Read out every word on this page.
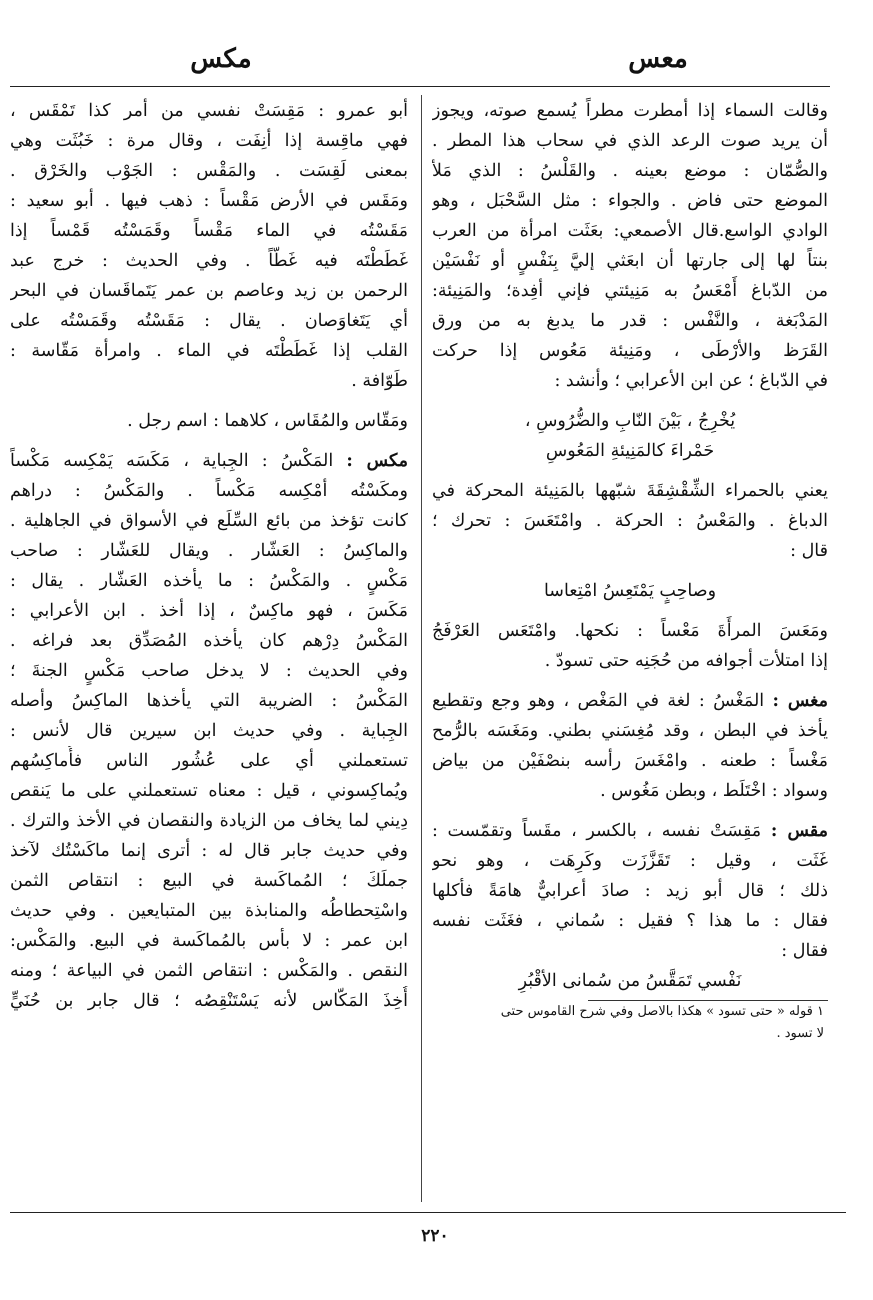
معس
مكس
وقالت السماء إذا أمطرت مطراً يُسمع صوته، ويجوز
أن يريد صوت الرعد الذي في سحاب هذا المطر .
والصُّمّان : موضع بعينه . والقَلْسُ : الذي مَلأ
الموضع حتى فاض . والجواء : مثل السَّحْبَل ، وهو
الوادي الواسع.قال الأصمعي: بعَثَت امرأة من العرب
بنتاً لها إلى جارتها أن ابعَثي إليَّ بِنَفْسٍ أو نَفْسَيْن
من الدّباغ أَمْعَسُ به مَنِيئتي فإني أفِدة؛ والمَنِيئة:
المَدْبَغة ، والنَّفْس : قدر ما يدبغ به من ورق
القَرَظ والأرْطَى ، ومَنِيئة مَعُوس إذا حركت
في الدّباغ ؛ عن ابن الأعرابي ؛ وأنشد :
يُخْرِجُ ، بَيْنَ النّابِ والضُّرُوسِ ،
حَمْراءَ كالمَنِيئةِ المَعُوسِ
يعني بالحمراء الشِّقْشِقَةَ شبّهها بالمَنِيئة المحركة في
الدباغ . والمَعْسُ : الحركة . وامْتَعَسَ : تحرك ؛
قال :
وصاحِبٍ يَمْتَعِسُ امْتِعاسا
ومَعَسَ المرأَةَ مَعْساً : نكحها. وامْتَعَس العَرْفَجُ
إذا امتلأت أجوافه من حُجَنِه حتى تسودّ .
مغس : المَغْسُ : لغة في المَغْص ، وهو وجع وتقطيع
يأخذ في البطن ، وقد مُغِسَني بطني. ومَغَسَه بالرُّمح
مَغْساً : طعنه . وامْغَسَ رأسه بنصْفَيْن من بياض
وسواد : اخْتَلَط ، وبطن مَغُوس .
مقس : مَقِسَتْ نفسه ، بالكسر ، مقَساً وتقمّست :
غَثَت ، وقيل : تَقَزَّزَت وكَرِهَت ، وهو نحو
ذلك ؛ قال أبو زيد : صادَ أعرابيٌّ هامَةً فأكلها
فقال : ما هذا ؟ فقيل : سُماني ، فغَثَت نفسه
فقال :
نَفْسي تَمَقَّسُ من سُمانى الأقْبُرِ
١ قوله « حتى تسود » هكذا بالاصل وفي شرح القاموس حتى
لا تسود .
أبو عمرو : مَقِسَتْ نفسي من أمر كذا تَمْقَس ،
فهي ماقِسة إذا أنِفَت ، وقال مرة : خَبُثَت وهي
بمعنى لَقِسَت . والمَقْس : الجَوْب والخَرْق .
ومَقَس في الأرض مَقْساً : ذهب فيها . أبو سعيد :
مَقَسْتُه في الماء مَقْساً وقَمَسْتُه قَمْساً إذا
غَطَطْتَه فيه غَطّاً . وفي الحديث : خرج عبد
الرحمن بن زيد وعاصم بن عمر يَتَماقَسان في البحر
أي يَتَغاوَصان . يقال : مَقَسْتُه وقَمَسْتُه على
القلب إذا غَطَطْتَه في الماء . وامرأة مَقّاسة :
طَوّافة .
ومَقّاس والمُقَاس ، كلاهما : اسم رجل .
مكس : المَكْسُ : الجِباية ، مَكَسَه يَمْكِسه مَكْساً
ومكَسْتُه أمْكِسه مَكْساً . والمَكْسُ : دراهم
كانت تؤخذ من بائع السِّلَع في الأسواق في الجاهلية .
والماكِسُ : العَشّار . ويقال للعَشّار : صاحب
مَكْسٍ . والمَكْسُ : ما يأخذه العَشّار . يقال :
مَكَسَ ، فهو ماكِسٌ ، إذا أخذ . ابن الأعرابي :
المَكْسُ دِرْهم كان يأخذه المُصَدِّق بعد فراغه .
وفي الحديث : لا يدخل صاحب مَكْسٍ الجنةَ ؛
المَكْسُ : الضريبة التي يأخذها الماكِسُ وأصله
الجِباية . وفي حديث ابن سيرين قال لأنس :
تستعملني أي على عُشُور الناس فأُماكِسُهم
ويُماكِسوني ، قيل : معناه تستعملني على ما يَنقص
دِيني لما يخاف من الزيادة والنقصان في الأخذ والترك .
وفي حديث جابر قال له : أترى إنما ماكَسْتُك لآخذ
جملَكَ ؛ المُماكَسة في البيع : انتقاص الثمن
واسْتِحطاطُه والمنابذة بين المتبايعين . وفي حديث
ابن عمر : لا بأس بالمُماكَسة في البيع. والمَكْس:
النقص . والمَكْس : انتقاص الثمن في البياعة ؛ ومنه
أُخِذَ المَكّاس لأنه يَسْتَنْقِصُه ؛ قال جابر بن حُنَيٍّ
٢٢٠
